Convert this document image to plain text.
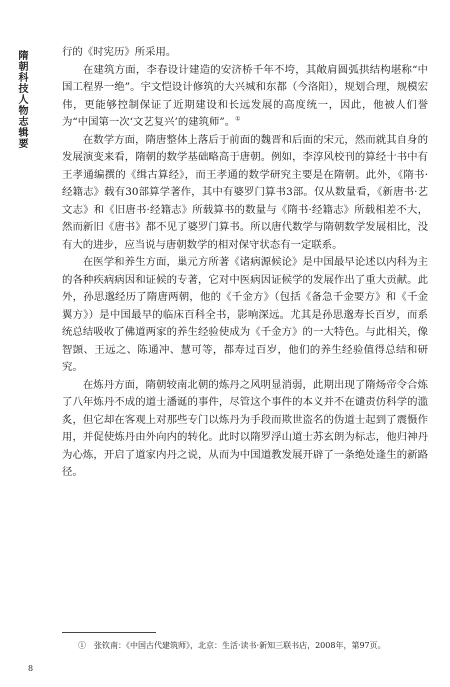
隋朝科技人物志辑要	行的《时宪历》所采用。

在建筑方面，李春设计建造的安济桥千年不垮，其敞肩圆弧拱结构堪称“中国工程界一绝”。宇文恺设计修筑的大兴城和东都（今洛阳），规划合理，规模宏伟，更能够控制保证了近期建设和长远发展的高度统一，因此，他被人们誉为“中国第一次‘文艺复兴’的建筑师”。①

在数学方面，隋唐整体上落后于前面的魏晋和后面的宋元，然而就其自身的发展演变来看，隋朝的数学基础略高于唐朝。例如，李淳风校刊的算经十书中有王孝通编撰的《缉古算经》，而王孝通的数学研究主要是在隋朝。此外，《隋书·经籍志》载有30部算学著作，其中有婆罗门算书3部。仅从数量看，《新唐书·艺文志》和《旧唐书·经籍志》所载算书的数量与《隋书·经籍志》所载相差不大，然而新旧《唐书》都不见了婆罗门算书。所以唐代数学与隋朝数学发展相比，没有大的进步，应当说与唐朝数学的相对保守状态有一定联系。

在医学和养生方面，巢元方所著《诸病源候论》是中国最早论述以内科为主的各种疾病病因和证候的专著，它对中医病因证候学的发展作出了重大贡献。此外，孙思邈经历了隋唐两朝，他的《千金方》（包括《备急千金要方》和《千金翼方》）是中国最早的临床百科全书，影响深远。尤其是孙思邈寿长百岁，而系统总结吸收了佛道两家的养生经验使成为《千金方》的一大特色。与此相关，像智顗、王远之、陈通冲、慧可等，都寿过百岁，他们的养生经验值得总结和研究。

在炼丹方面，隋朝较南北朝的炼丹之风明显消弱，此期出现了隋炀帝令合炼了八年炼丹不成的道士潘诞的事件，尽管这个事件的本义并不在谴责仿科学的滥炙，但它却在客观上对那些专门以炼丹为手段而欺世盗名的伪道士起到了震慑作用，并促使炼丹由外向内的转化。此时以隋罗浮山道士苏玄朗为标志，他归神丹为心炼，开启了道家内丹之说，从而为中国道教发展开辟了一条绝处逢生的新路径。

①　张钦南：《中国古代建筑师》，北京：生活·读书·新知三联书店，2008年，第97页。
8
